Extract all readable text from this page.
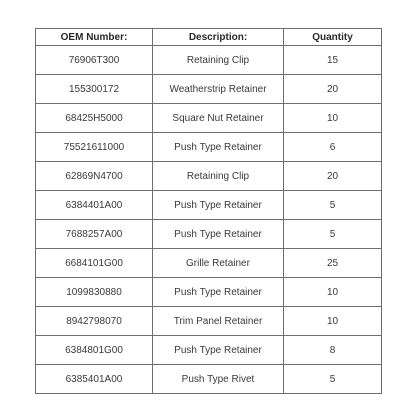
OEM Number:	Description:	Quantity
76906T300	Retaining Clip	15
155300172	Weatherstrip Retainer	20
68425H5000	Square Nut Retainer	10
75521611000	Push Type Retainer	6
62869N4700	Retaining Clip	20
6384401A00	Push Type Retainer	5
7688257A00	Push Type Retainer	5
6684101G00	Grille Retainer	25
1099830880	Push Type Retainer	10
8942798070	Trim Panel Retainer	10
6384801G00	Push Type Retainer	8
6385401A00	Push Type Rivet	5
